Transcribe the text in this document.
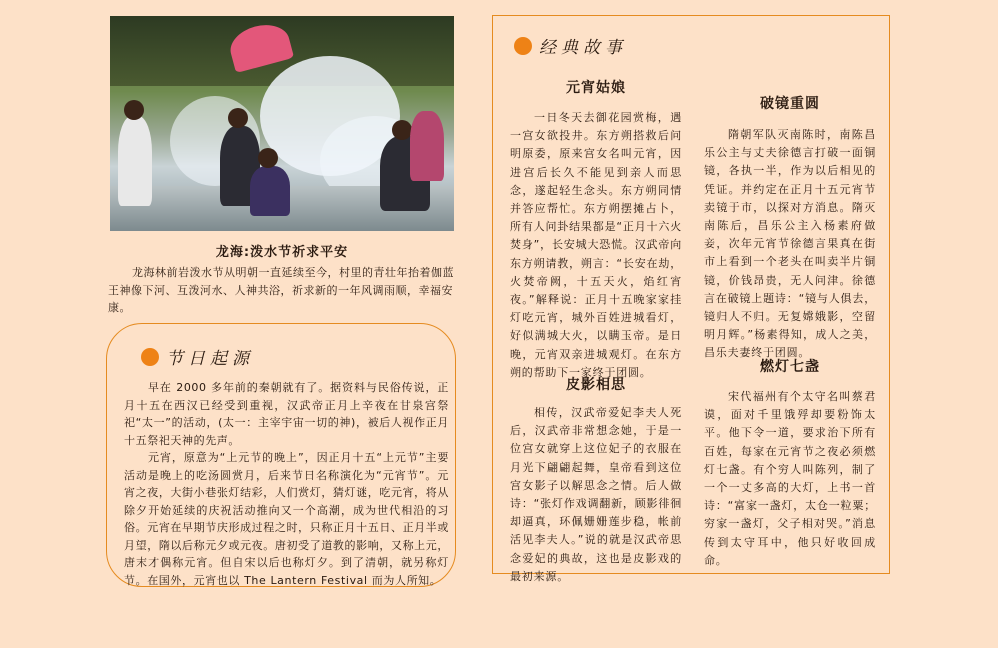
龙海:泼水节祈求平安

龙海林前岩泼水节从明朝一直延续至今，村里的青壮年抬着伽蓝王神像下河、互泼河水、人神共浴，祈求新的一年风调雨顺，幸福安康。

节日起源

早在 2000 多年前的秦朝就有了。据资料与民俗传说，正月十五在西汉已经受到重视，汉武帝正月上辛夜在甘泉宫祭祀“太一”的活动，(太一：主宰宇宙一切的神)，被后人视作正月十五祭祀天神的先声。

元宵，原意为“上元节的晚上”，因正月十五“上元节”主要活动是晚上的吃汤圆赏月，后来节日名称演化为“元宵节”。元宵之夜，大街小巷张灯结彩，人们赏灯，猜灯谜，吃元宵，将从除夕开始延续的庆祝活动推向又一个高潮，成为世代相沿的习俗。元宵在早期节庆形成过程之时，只称正月十五日、正月半或月望，隋以后称元夕或元夜。唐初受了道教的影响，又称上元，唐末才偶称元宵。但自宋以后也称灯夕。到了清朝，就另称灯节。在国外，元宵也以 The Lantern Festival 而为人所知。

经典故事
元宵姑娘

一日冬天去御花园赏梅，遇一宫女欲投井。东方朔搭救后问明原委，原来宫女名叫元宵，因进宫后长久不能见到亲人而思念，遂起轻生念头。东方朔同情并答应帮忙。东方朔摆摊占卜，所有人问卦结果都是“正月十六火焚身”，长安城大恐慌。汉武帝向东方朔请教，朔言：“长安在劫，火焚帝阙，十五天火，焰红宵夜。”解释说：正月十五晚家家挂灯吃元宵，城外百姓进城看灯，好似满城大火，以瞒玉帝。是日晚，元宵双亲进城观灯。在东方朔的帮助下一家终于团圆。

皮影相思

相传，汉武帝爱妃李夫人死后，汉武帝非常想念她，于是一位宫女就穿上这位妃子的衣服在月光下翩翩起舞，皇帝看到这位宫女影子以解思念之情。后人做诗：“张灯作戏调翻新，顾影徘徊却逼真，环佩姗姗莲步稳，帐前活见李夫人。”说的就是汉武帝思念爱妃的典故，这也是皮影戏的最初来源。

破镜重圆

隋朝军队灭南陈时，南陈昌乐公主与丈夫徐德言打破一面铜镜，各执一半，作为以后相见的凭证。并约定在正月十五元宵节卖镜于市，以探对方消息。隋灭南陈后，昌乐公主入杨素府做妾，次年元宵节徐德言果真在街市上看到一个老头在叫卖半片铜镜，价钱昂贵，无人问津。徐德言在破镜上题诗：“镜与人俱去，镜归人不归。无复嫦娥影，空留明月辉。”杨素得知，成人之美，昌乐夫妻终于团圆。

燃灯七盏

宋代福州有个太守名叫蔡君谟，面对千里饿殍却要粉饰太平。他下令一道，要求治下所有百姓，每家在元宵节之夜必须燃灯七盏。有个穷人叫陈列，制了一个一丈多高的大灯，上书一首诗：“富家一盏灯，太仓一粒粟；穷家一盏灯，父子相对哭。”消息传到太守耳中，他只好收回成命。
